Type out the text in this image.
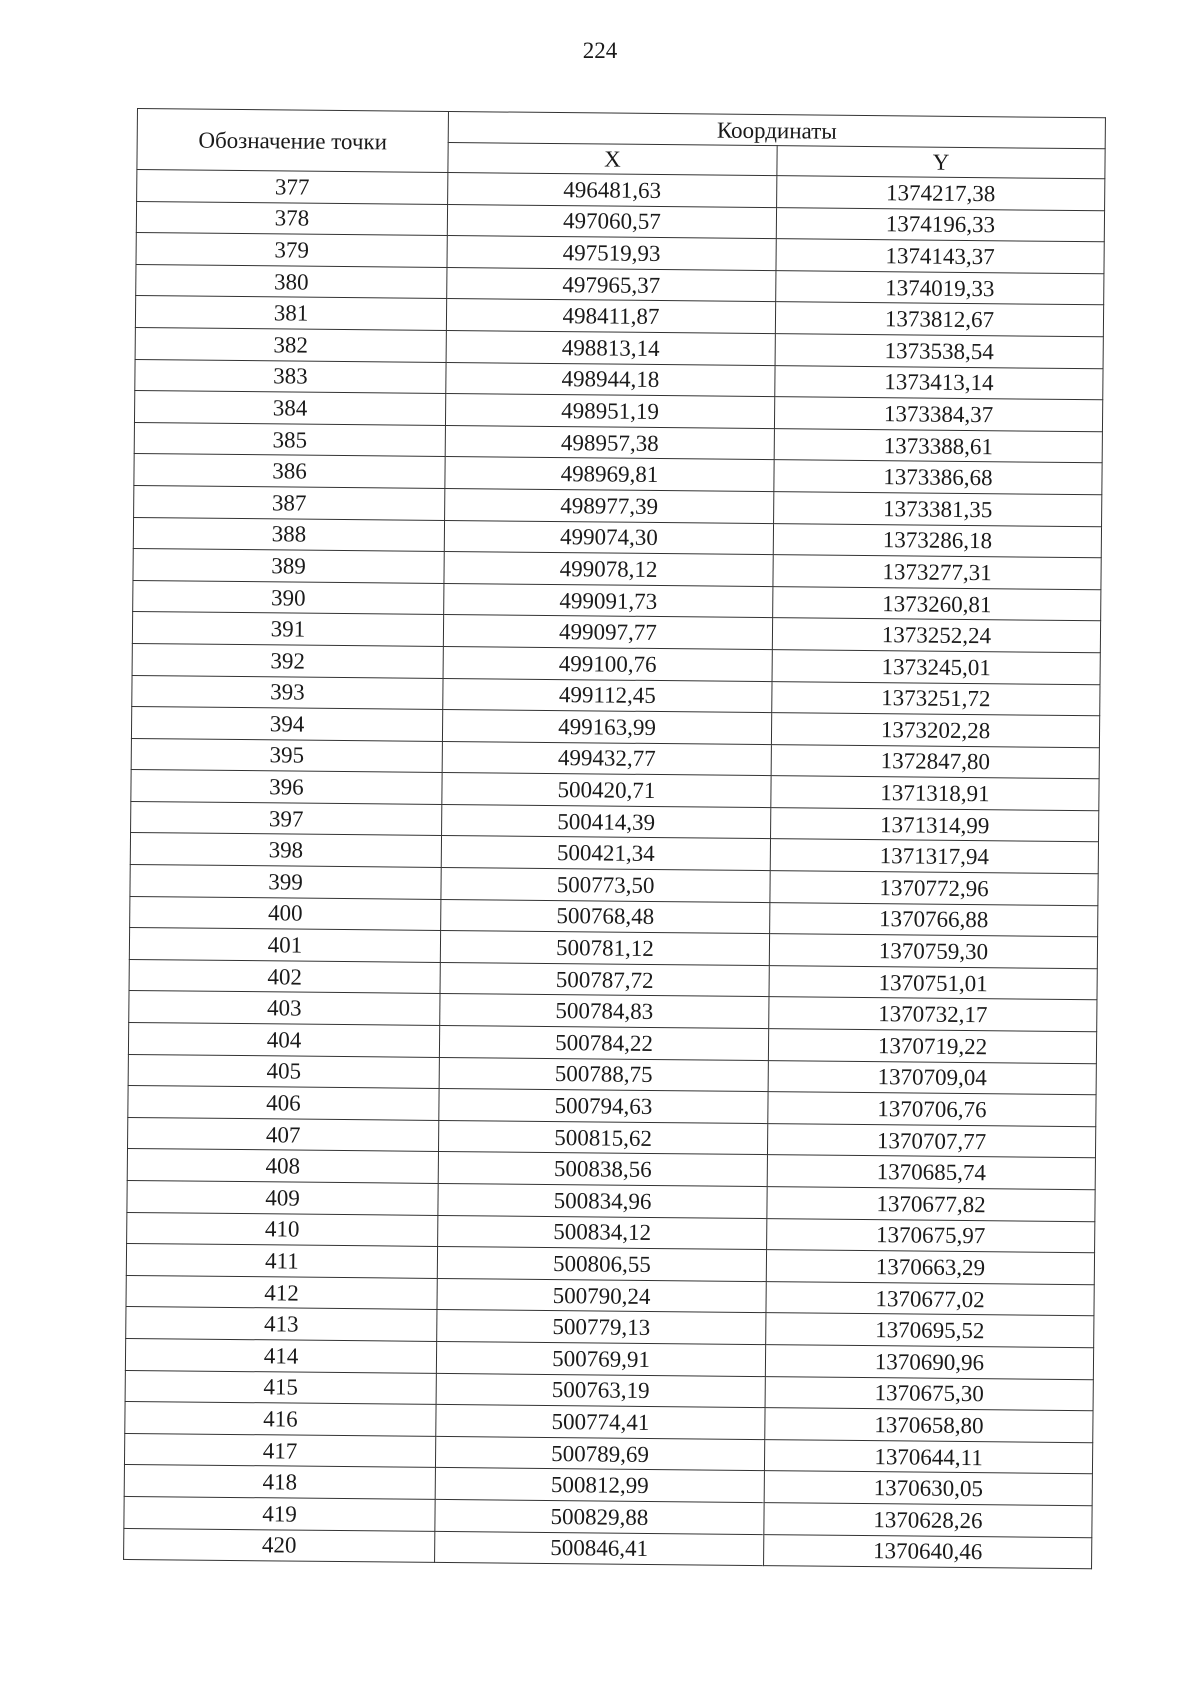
224
Обозначение точки	Координаты	
	X	Y
377	496481,63	1374217,38
378	497060,57	1374196,33
379	497519,93	1374143,37
380	497965,37	1374019,33
381	498411,87	1373812,67
382	498813,14	1373538,54
383	498944,18	1373413,14
384	498951,19	1373384,37
385	498957,38	1373388,61
386	498969,81	1373386,68
387	498977,39	1373381,35
388	499074,30	1373286,18
389	499078,12	1373277,31
390	499091,73	1373260,81
391	499097,77	1373252,24
392	499100,76	1373245,01
393	499112,45	1373251,72
394	499163,99	1373202,28
395	499432,77	1372847,80
396	500420,71	1371318,91
397	500414,39	1371314,99
398	500421,34	1371317,94
399	500773,50	1370772,96
400	500768,48	1370766,88
401	500781,12	1370759,30
402	500787,72	1370751,01
403	500784,83	1370732,17
404	500784,22	1370719,22
405	500788,75	1370709,04
406	500794,63	1370706,76
407	500815,62	1370707,77
408	500838,56	1370685,74
409	500834,96	1370677,82
410	500834,12	1370675,97
411	500806,55	1370663,29
412	500790,24	1370677,02
413	500779,13	1370695,52
414	500769,91	1370690,96
415	500763,19	1370675,30
416	500774,41	1370658,80
417	500789,69	1370644,11
418	500812,99	1370630,05
419	500829,88	1370628,26
420	500846,41	1370640,46
